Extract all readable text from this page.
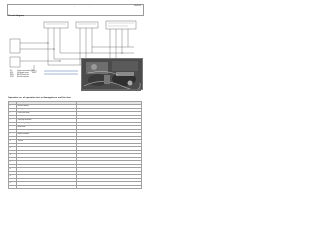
Function Diagram of combustion system	SR-00-00
MOTOR ENGINE M112 / M113 IN MODEL 210 / 211 / 215 / 220 / 230 / 163 / 203 / 209 WITH ME 2.8
Circuit diagram
G3	Oxygen sensor before TWC
G3/2	Left oxygen sensor
N3/10	ME-SFI control unit
X11/4	Data link connector
Operation no. of operation text or damage/error and fits item
No.	Work step/Check	Remark
1	Read fault memory	
2	Test: engine at idle speed	
3	Check sensor wiring	
4	Check ground connection	
5	Check plug connections	
6	Check voltage supply	
7	Actual values	
8	Check for short circuit	
9	Replace component	
10	Erase fault memory	
11	Test drive	
12		
13		
14		
15		
16		
17		
18		
19		
20		
21		
22		
23		
24		
